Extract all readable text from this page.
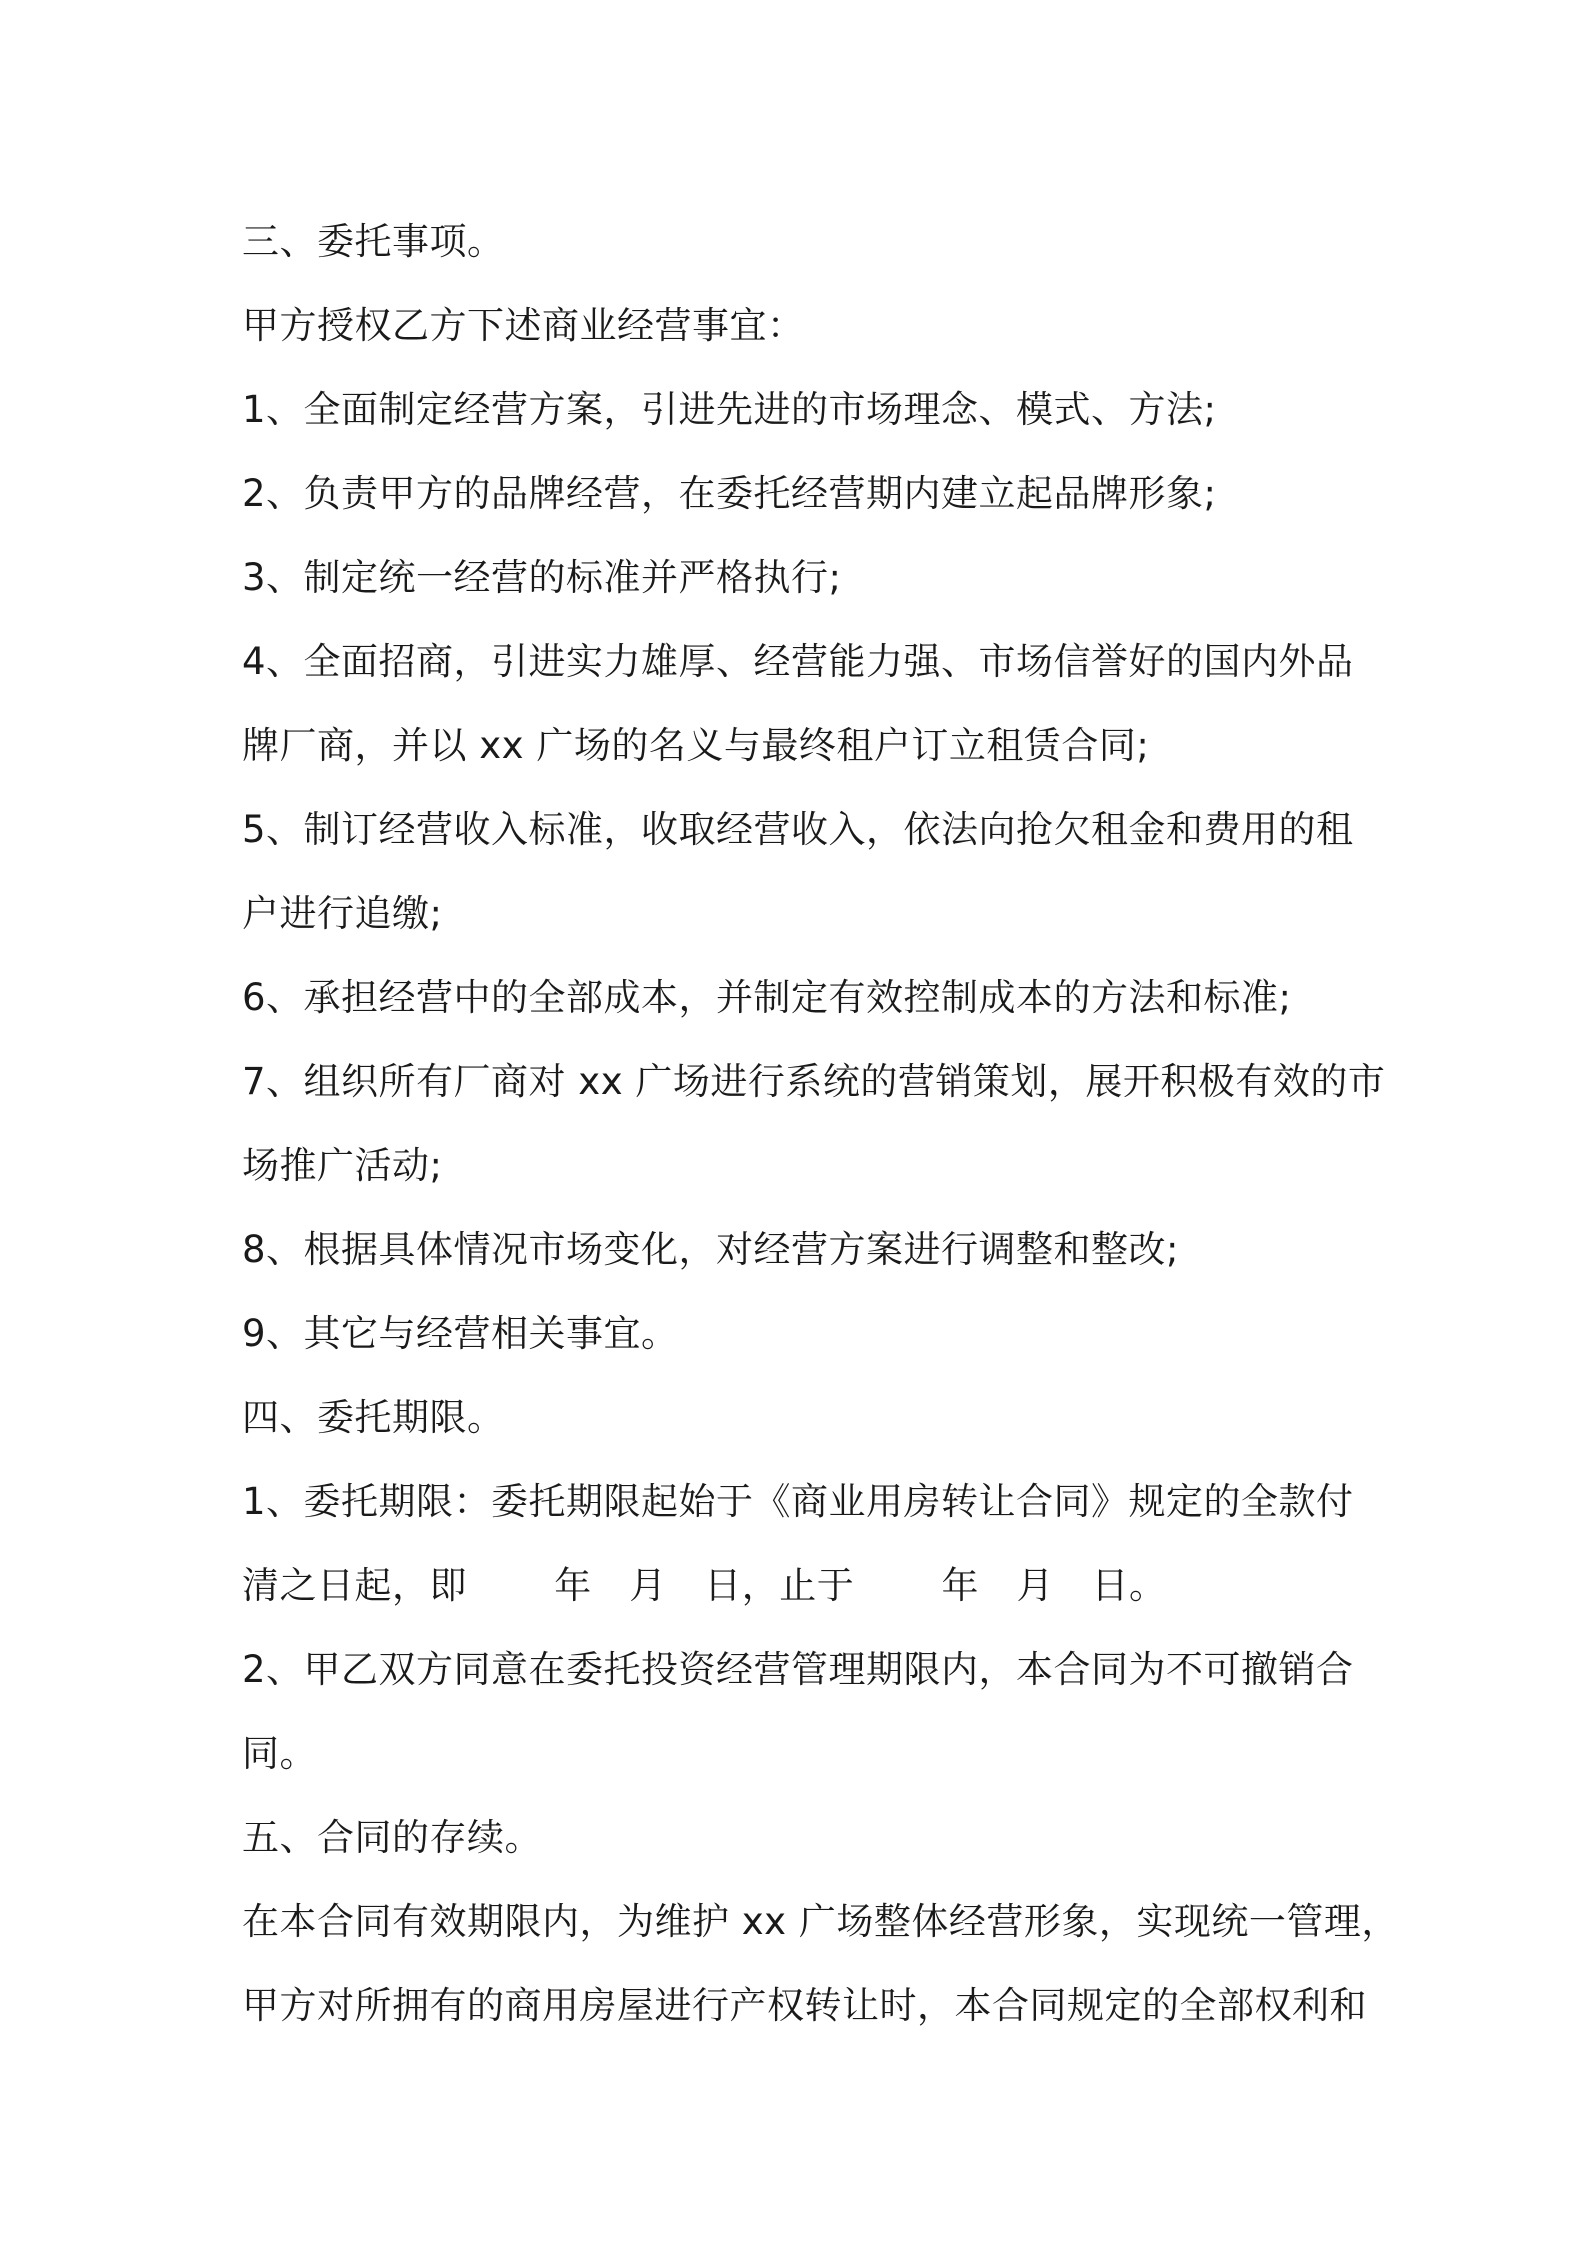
三、委托事项。
甲方授权乙方下述商业经营事宜：
1、全面制定经营方案，引进先进的市场理念、模式、方法;
2、负责甲方的品牌经营，在委托经营期内建立起品牌形象;
3、制定统一经营的标准并严格执行;
4、全面招商，引进实力雄厚、经营能力强、市场信誉好的国内外品
牌厂商，并以 xx 广场的名义与最终租户订立租赁合同;
5、制订经营收入标准，收取经营收入，依法向抢欠租金和费用的租
户进行追缴;
6、承担经营中的全部成本，并制定有效控制成本的方法和标准;
7、组织所有厂商对 xx 广场进行系统的营销策划，展开积极有效的市
场推广活动;
8、根据具体情况市场变化，对经营方案进行调整和整改;
9、其它与经营相关事宜。
四、委托期限。
1、委托期限：委托期限起始于《商业用房转让合同》规定的全款付
清之日起，即　　 年　月　日，止于　　 年　月　日。
2、甲乙双方同意在委托投资经营管理期限内，本合同为不可撤销合
同。
五、合同的存续。
在本合同有效期限内，为维护 xx 广场整体经营形象，实现统一管理，
甲方对所拥有的商用房屋进行产权转让时，本合同规定的全部权利和
